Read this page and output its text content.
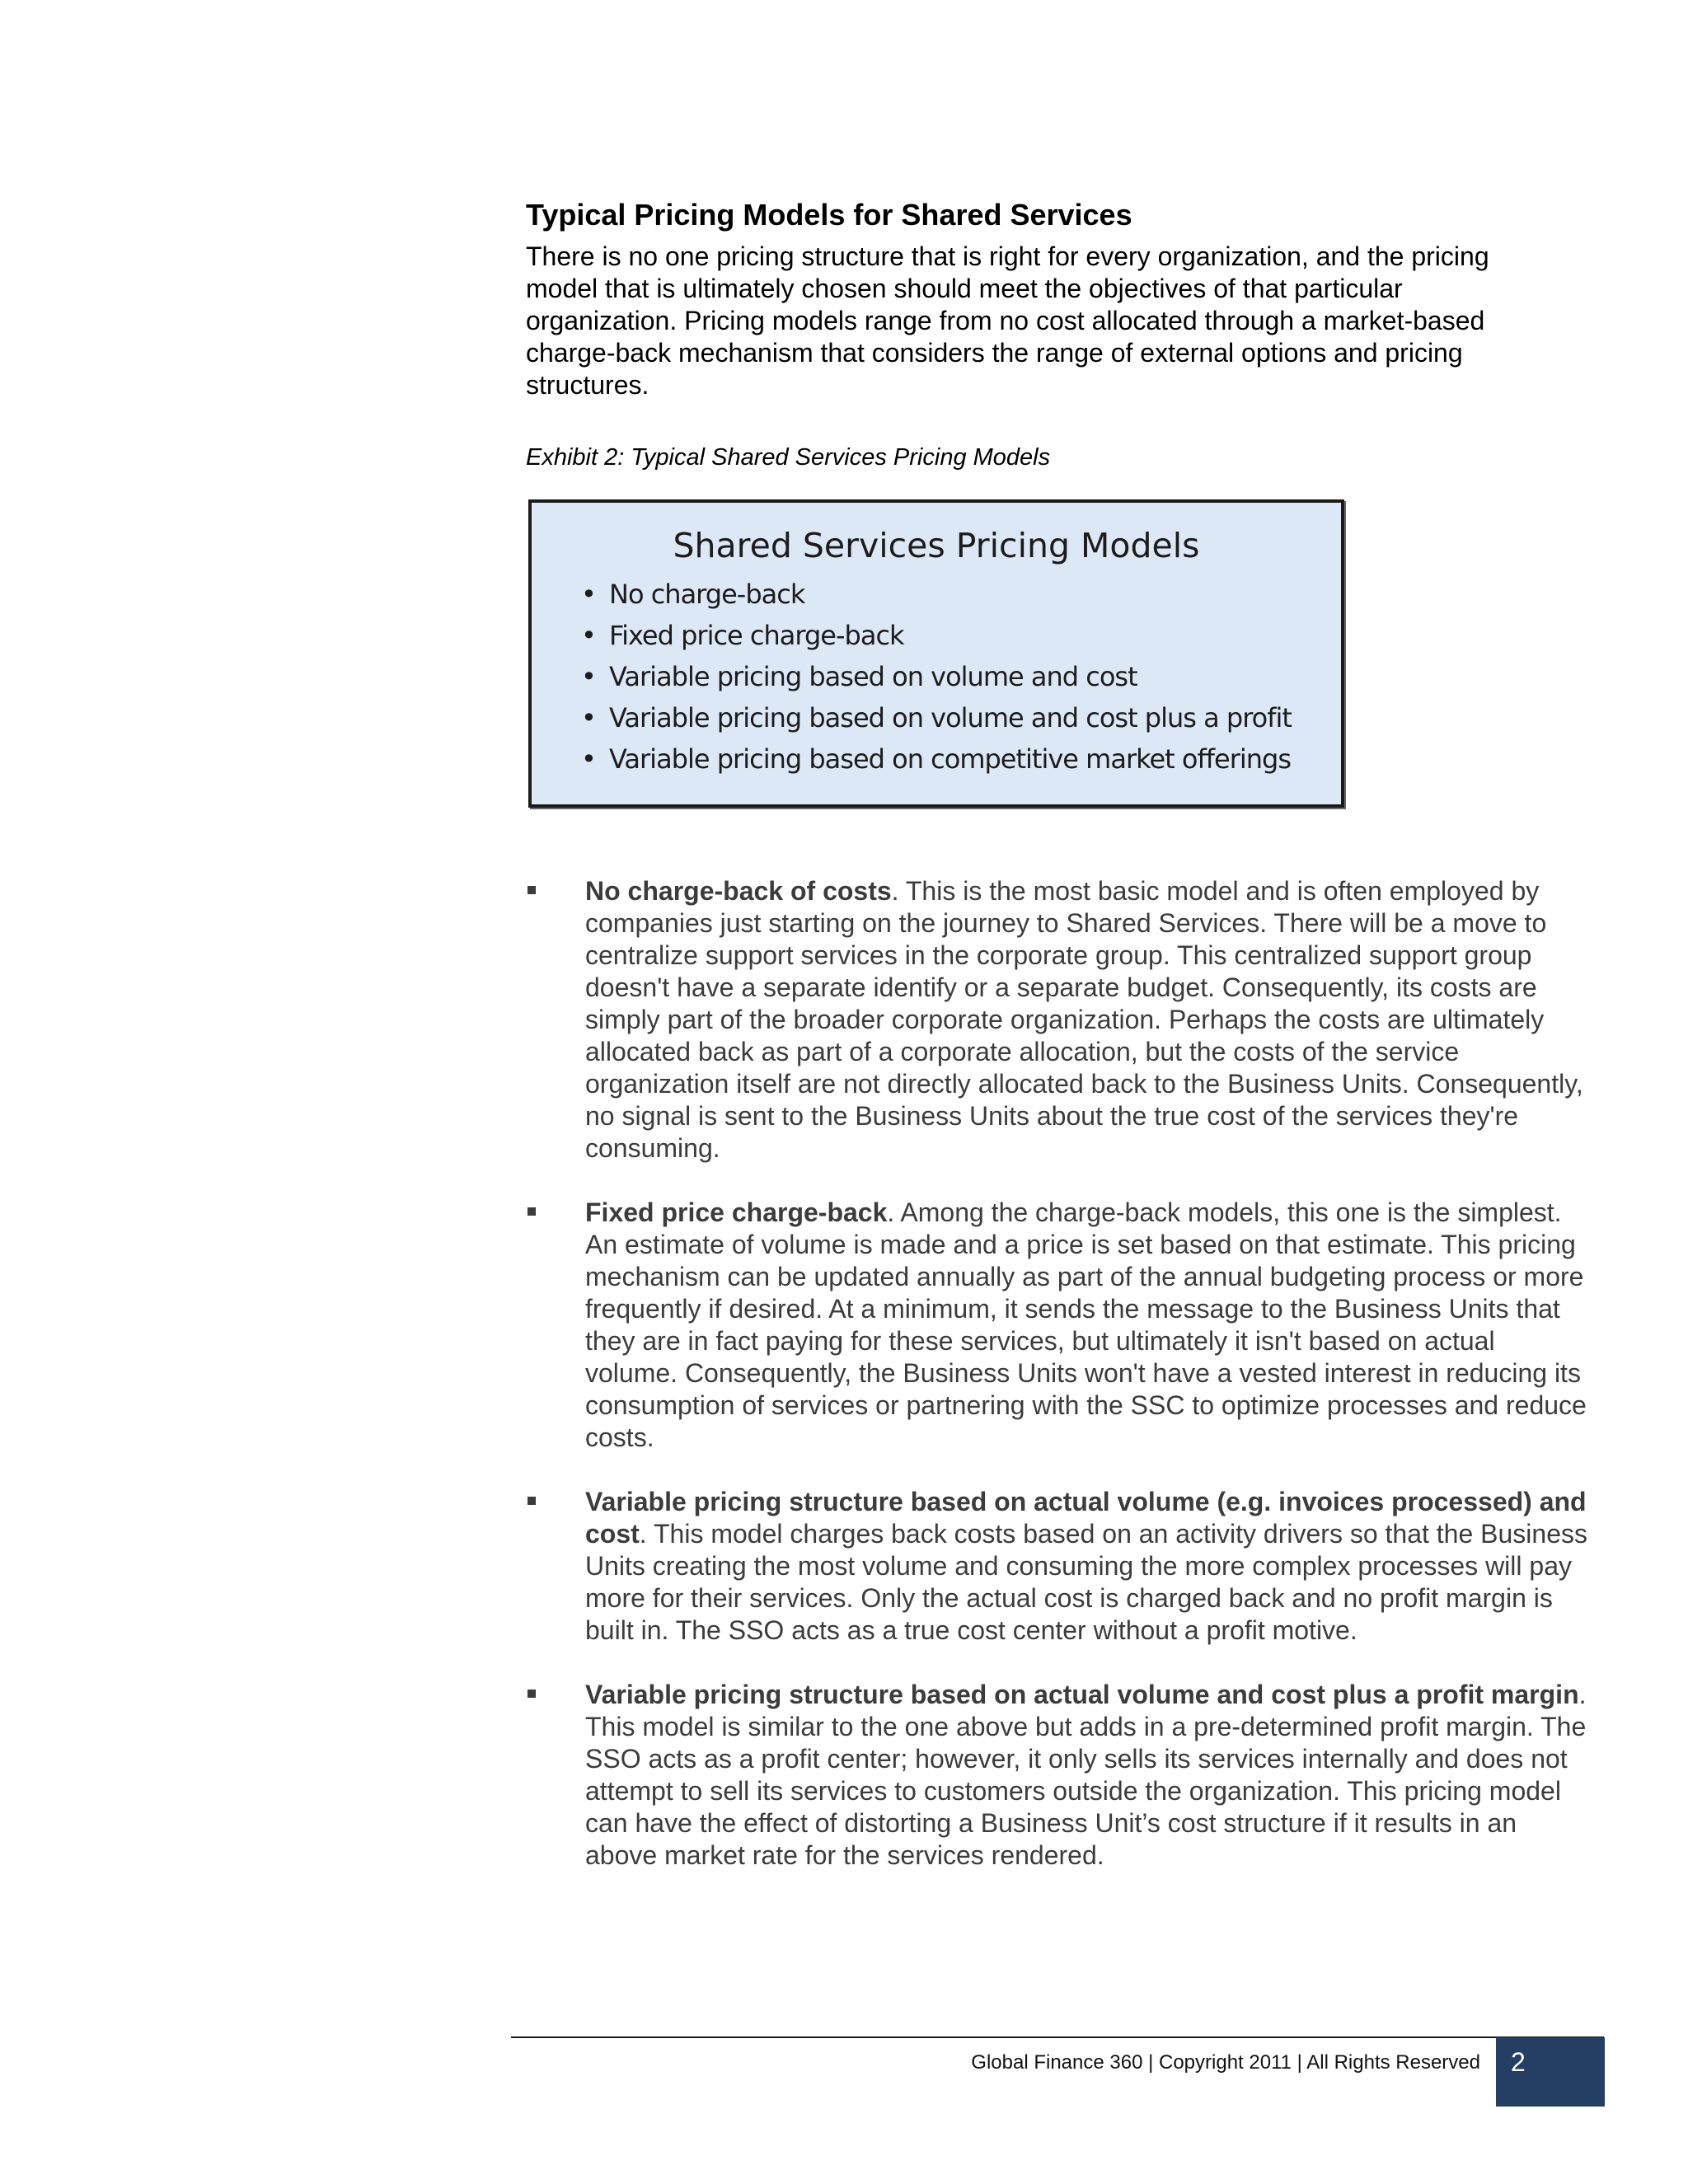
Typical Pricing Models for Shared Services

There is no one pricing structure that is right for every organization, and the pricing model that is ultimately chosen should meet the objectives of that particular organization. Pricing models range from no cost allocated through a market-based charge-back mechanism that considers the range of external options and pricing structures.

Exhibit 2: Typical Shared Services Pricing Models

Shared Services Pricing Models
• No charge-back
• Fixed price charge-back
• Variable pricing based on volume and cost
• Variable pricing based on volume and cost plus a profit
• Variable pricing based on competitive market offerings
No charge-back of costs. This is the most basic model and is often employed by companies just starting on the journey to Shared Services. There will be a move to centralize support services in the corporate group. This centralized support group doesn't have a separate identify or a separate budget. Consequently, its costs are simply part of the broader corporate organization. Perhaps the costs are ultimately allocated back as part of a corporate allocation, but the costs of the service organization itself are not directly allocated back to the Business Units. Consequently, no signal is sent to the Business Units about the true cost of the services they're consuming.
Fixed price charge-back. Among the charge-back models, this one is the simplest. An estimate of volume is made and a price is set based on that estimate. This pricing mechanism can be updated annually as part of the annual budgeting process or more frequently if desired. At a minimum, it sends the message to the Business Units that they are in fact paying for these services, but ultimately it isn't based on actual volume. Consequently, the Business Units won't have a vested interest in reducing its consumption of services or partnering with the SSC to optimize processes and reduce costs.
Variable pricing structure based on actual volume (e.g. invoices processed) and cost. This model charges back costs based on an activity drivers so that the Business Units creating the most volume and consuming the more complex processes will pay more for their services. Only the actual cost is charged back and no profit margin is built in. The SSO acts as a true cost center without a profit motive.
Variable pricing structure based on actual volume and cost plus a profit margin. This model is similar to the one above but adds in a pre-determined profit margin. The SSO acts as a profit center; however, it only sells its services internally and does not attempt to sell its services to customers outside the organization. This pricing model can have the effect of distorting a Business Unit’s cost structure if it results in an above market rate for the services rendered.
Global Finance 360 | Copyright 2011 | All Rights Reserved	2
